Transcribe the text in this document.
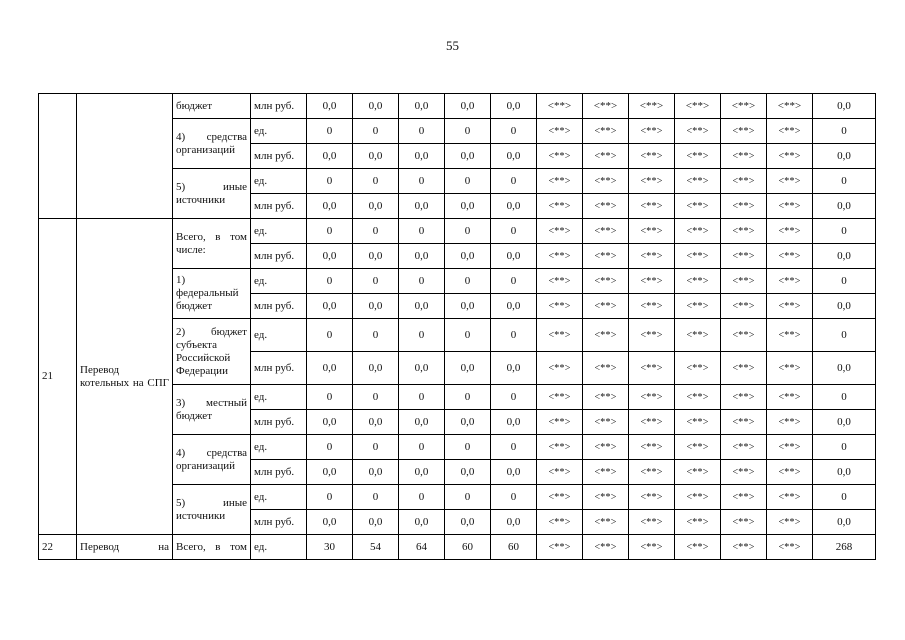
55
		бюджет	млн руб.	0,0	0,0	0,0	0,0	0,0	<**>	<**>	<**>	<**>	<**>	<**>	0,0
		4) средства организаций	ед.	0	0	0	0	0	<**>	<**>	<**>	<**>	<**>	<**>	0
			млн руб.	0,0	0,0	0,0	0,0	0,0	<**>	<**>	<**>	<**>	<**>	<**>	0,0
		5) иные источники	ед.	0	0	0	0	0	<**>	<**>	<**>	<**>	<**>	<**>	0
			млн руб.	0,0	0,0	0,0	0,0	0,0	<**>	<**>	<**>	<**>	<**>	<**>	0,0
21	Перевод котельных на СПГ	Всего, в том числе:	ед.	0	0	0	0	0	<**>	<**>	<**>	<**>	<**>	<**>	0
			млн руб.	0,0	0,0	0,0	0,0	0,0	<**>	<**>	<**>	<**>	<**>	<**>	0,0
		1) федеральный бюджет	ед.	0	0	0	0	0	<**>	<**>	<**>	<**>	<**>	<**>	0
			млн руб.	0,0	0,0	0,0	0,0	0,0	<**>	<**>	<**>	<**>	<**>	<**>	0,0
		2) бюджет субъекта Российской Федерации	ед.	0	0	0	0	0	<**>	<**>	<**>	<**>	<**>	<**>	0
			млн руб.	0,0	0,0	0,0	0,0	0,0	<**>	<**>	<**>	<**>	<**>	<**>	0,0
		3) местный бюджет	ед.	0	0	0	0	0	<**>	<**>	<**>	<**>	<**>	<**>	0
			млн руб.	0,0	0,0	0,0	0,0	0,0	<**>	<**>	<**>	<**>	<**>	<**>	0,0
		4) средства организаций	ед.	0	0	0	0	0	<**>	<**>	<**>	<**>	<**>	<**>	0
			млн руб.	0,0	0,0	0,0	0,0	0,0	<**>	<**>	<**>	<**>	<**>	<**>	0,0
		5) иные источники	ед.	0	0	0	0	0	<**>	<**>	<**>	<**>	<**>	<**>	0
			млн руб.	0,0	0,0	0,0	0,0	0,0	<**>	<**>	<**>	<**>	<**>	<**>	0,0
22	Перевод на	Всего, в том	ед.	30	54	64	60	60	<**>	<**>	<**>	<**>	<**>	<**>	268
